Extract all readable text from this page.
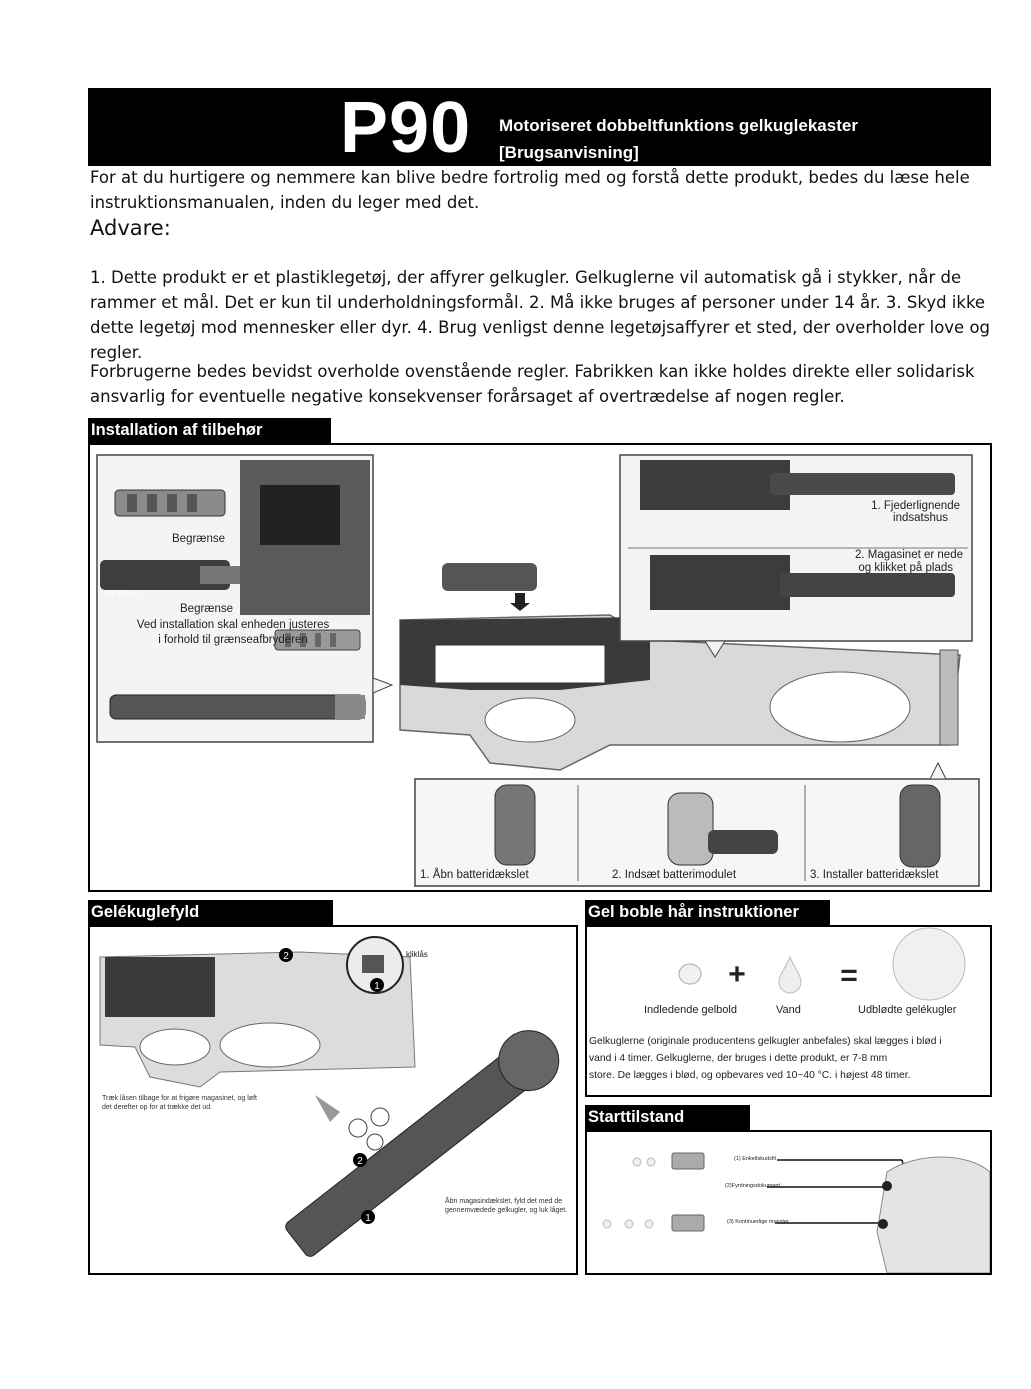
P90 Motoriseret dobbeltfunktions gelkuglekaster
[Brugsanvisning]
For at du hurtigere og nemmere kan blive bedre fortrolig med og forstå dette produkt, bedes du læse hele instruktionsmanualen, inden du leger med det.
Advare:
1. Dette produkt er et plastiklegetøj, der affyrer gelkugler. Gelkuglerne vil automatisk gå i stykker, når de rammer et mål. Det er kun til underholdningsformål. 2. Må ikke bruges af personer under 14 år. 3. Skyd ikke dette legetøj mod mennesker eller dyr. 4. Brug venligst denne legetøjsaffyrer et sted, der overholder love og regler.
Forbrugerne bedes bevidst overholde ovenstående regler. Fabrikken kan ikke holdes direkte eller solidarisk ansvarlig for eventuelle negative konsekvenser forårsaget af overtrædelse af nogen regler.
Installation af tilbehør
Begrænse
Begrænse
OF LIGHT
Ved installation skal enheden justeres
i forhold til grænseafbryderen
1. Fjederlignende
indsatshus
2. Magasinet er nede
og klikket på plads
1. Åbn batteridækslet	2. Indsæt batterimodulet	3. Installer batteridækslet
Gelékuglefyld
kliklås
2
1
2
1
Træk låsen tilbage for at frigøre magasinet, og løft det derefter op for at trække det ud.
Åbn magasindækslet, fyld det med de gennemvædede gelkugler, og luk låget.
Gel boble hår instruktioner
+	=
Indledende gelbold	Vand	Udblødte gelékugler
Gelkuglerne (originale producentens gelkugler anbefales) skal lægges i blød i
vand i 4 timer. Gelkuglerne, der bruges i dette produkt, er 7-8 mm
store. De lægges i blød, og opbevares ved 10~40 °C. i højest 48 timer.
Starttilstand
(1) Enkeltskudsfil
(2)Fyrdningsdokument
(3) Kontinuerlige monster
